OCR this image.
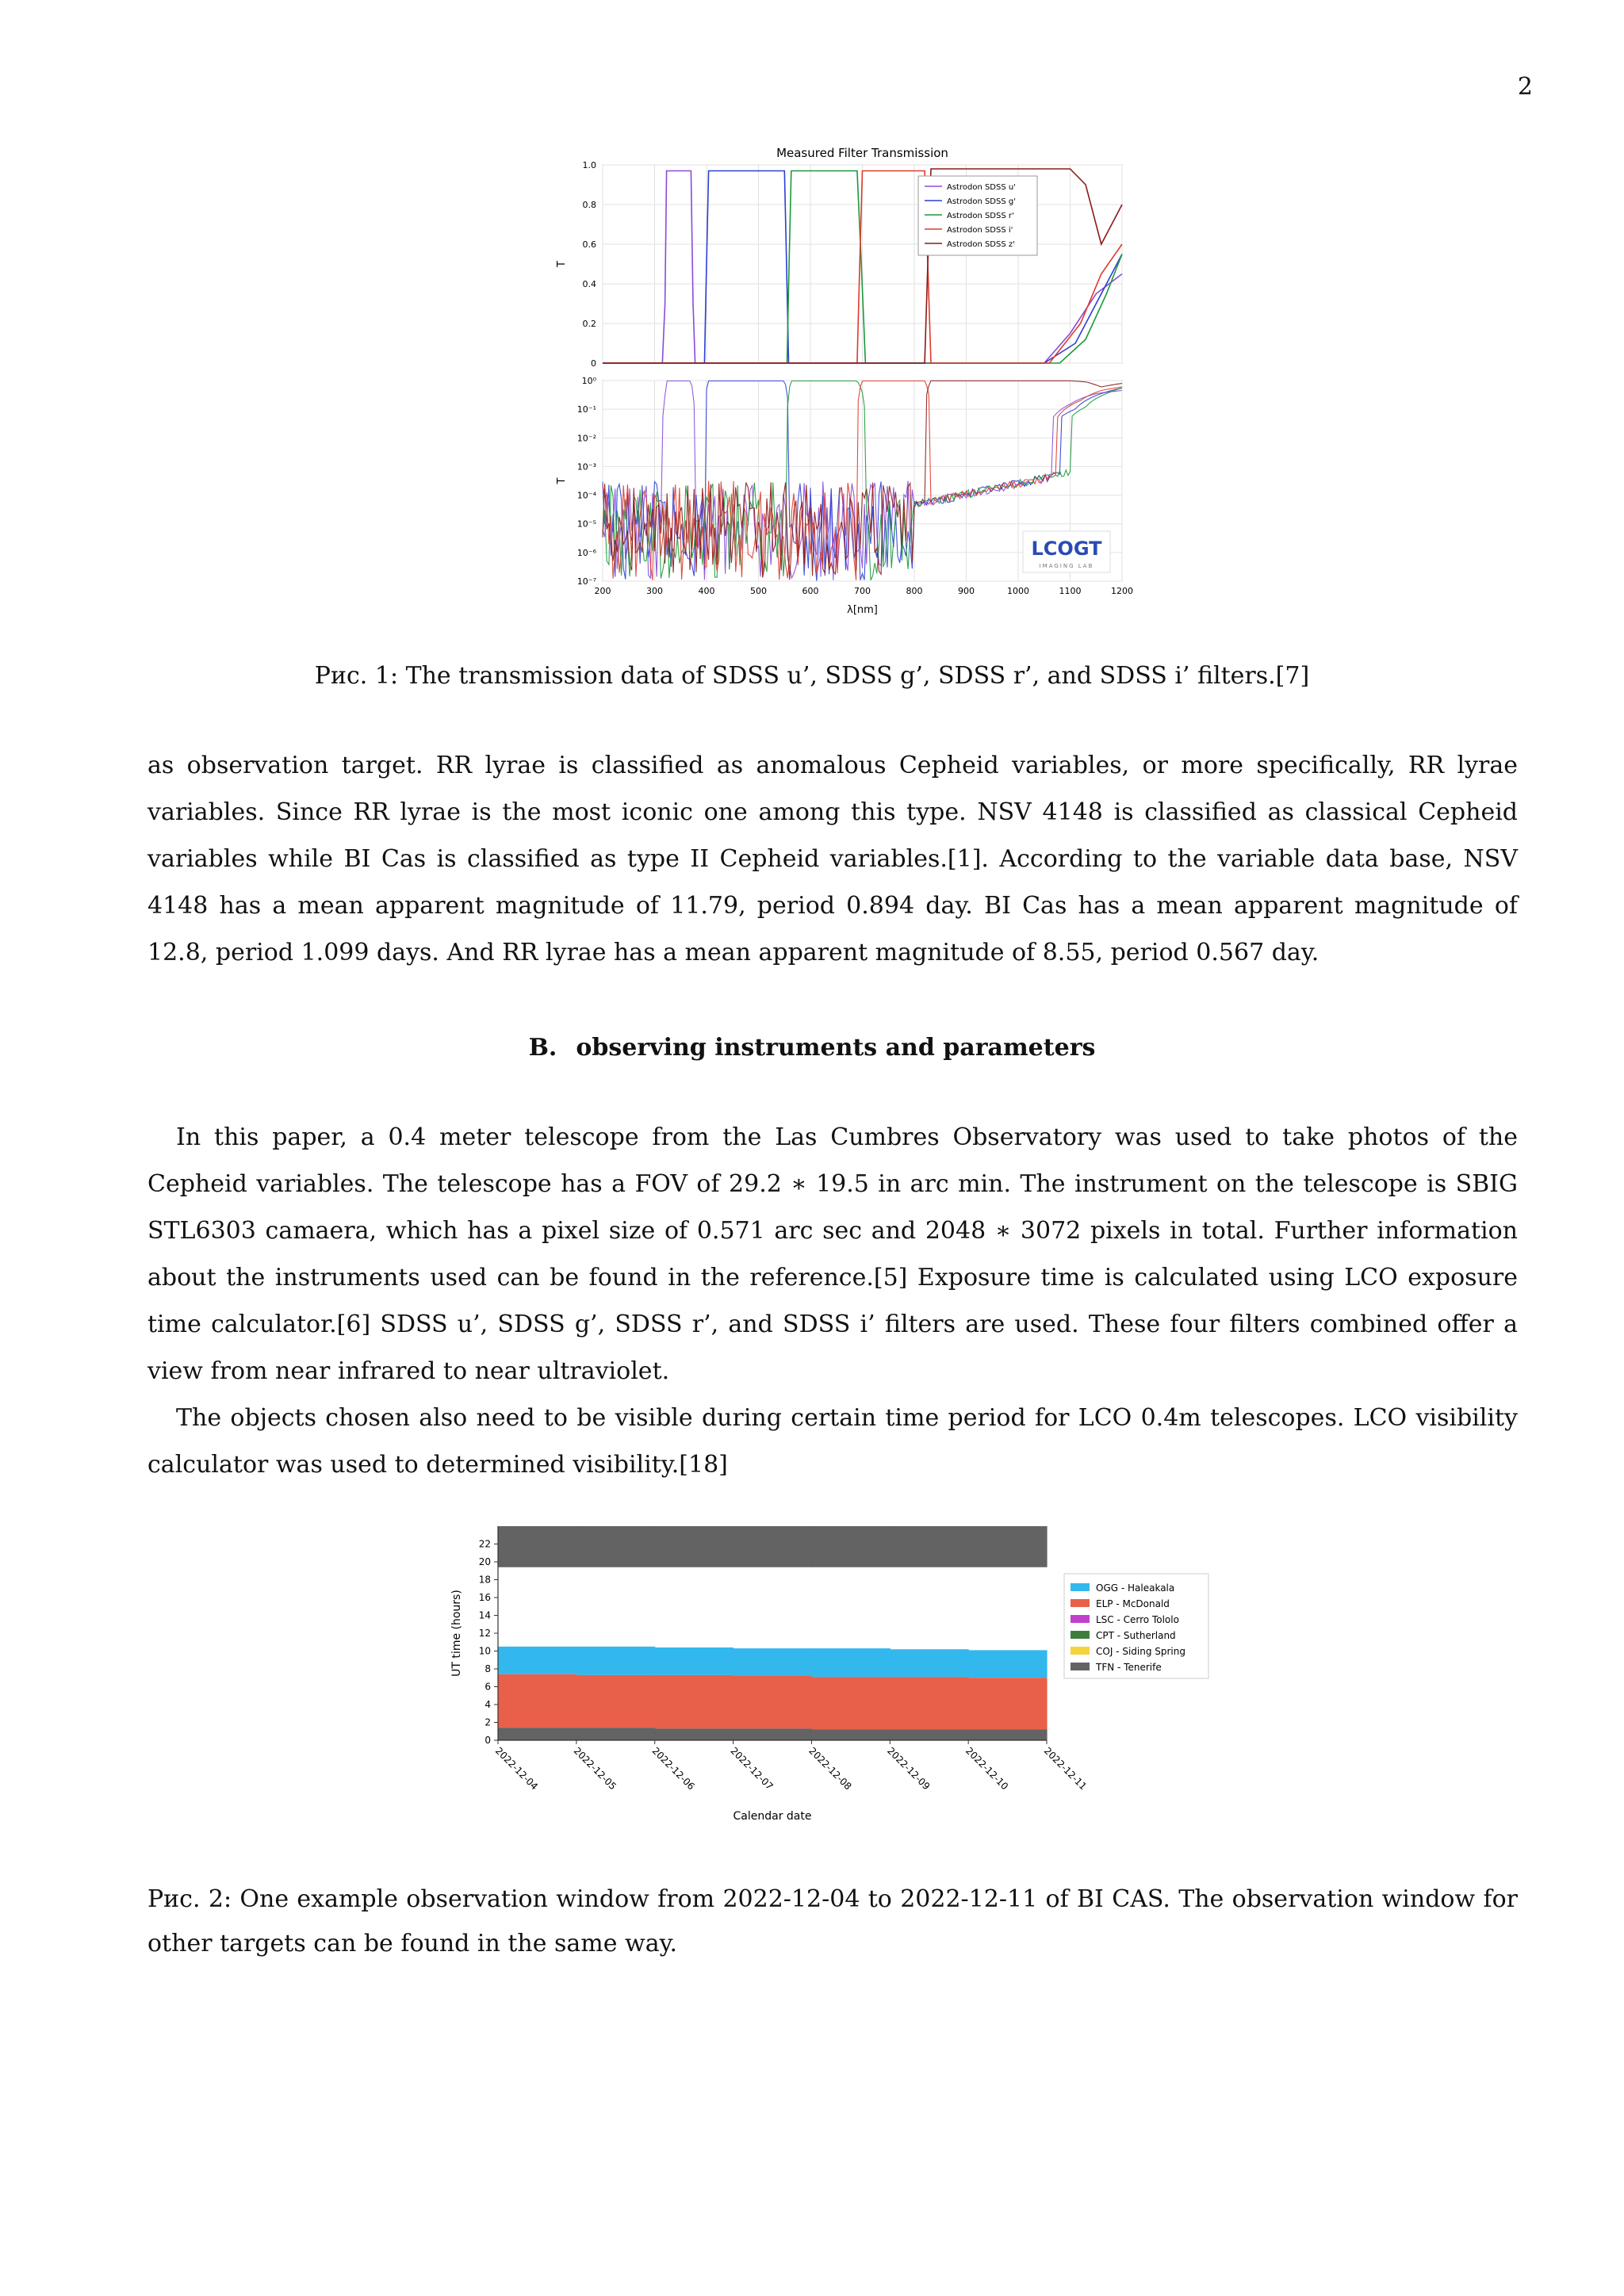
2
Measured Filter Transmission
200	300	400	500	600	700	800	900	1000	1100	1200
λ[nm]
0
0.2
0.4
0.6
0.8
1.0
T
10⁰
10⁻¹
10⁻²
10⁻³
10⁻⁴
10⁻⁵
10⁻⁶
10⁻⁷
T
Astrodon SDSS u'
Astrodon SDSS g'
Astrodon SDSS r'
Astrodon SDSS i'
Astrodon SDSS z'
LCOGT
IMAGING LAB
Рис. 1: The transmission data of SDSS u’, SDSS g’, SDSS r’, and SDSS i’ filters.[7]

as observation target. RR lyrae is classified as anomalous Cepheid variables, or more specifically, RR lyrae variables. Since RR lyrae is the most iconic one among this type. NSV 4148 is classified as classical Cepheid variables while BI Cas is classified as type II Cepheid variables.[1]. According to the variable data base, NSV 4148 has a mean apparent magnitude of 11.79, period 0.894 day. BI Cas has a mean apparent magnitude of 12.8, period 1.099 days. And RR lyrae has a mean apparent magnitude of 8.55, period 0.567 day.

B. observing instruments and parameters

In this paper, a 0.4 meter telescope from the Las Cumbres Observatory was used to take photos of the Cepheid variables. The telescope has a FOV of 29.2 ∗ 19.5 in arc min. The instrument on the telescope is SBIG STL6303 camaera, which has a pixel size of 0.571 arc sec and 2048 ∗ 3072 pixels in total. Further information about the instruments used can be found in the reference.[5] Exposure time is calculated using LCO exposure time calculator.[6] SDSS u’, SDSS g’, SDSS r’, and SDSS i’ filters are used. These four filters combined offer a view from near infrared to near ultraviolet.

The objects chosen also need to be visible during certain time period for LCO 0.4m telescopes. LCO visibility calculator was used to determined visibility.[18]

0
2
4
6
8
10
12
14
16
18
20
22
UT time (hours)
2022-12-04	2022-12-05	2022-12-06	2022-12-07	2022-12-08	2022-12-09	2022-12-10	2022-12-11
Calendar date
OGG - Haleakala
ELP - McDonald
LSC - Cerro Tololo
CPT - Sutherland
COJ - Siding Spring
TFN - Tenerife
Рис. 2: One example observation window from 2022-12-04 to 2022-12-11 of BI CAS. The observation window for other targets can be found in the same way.
